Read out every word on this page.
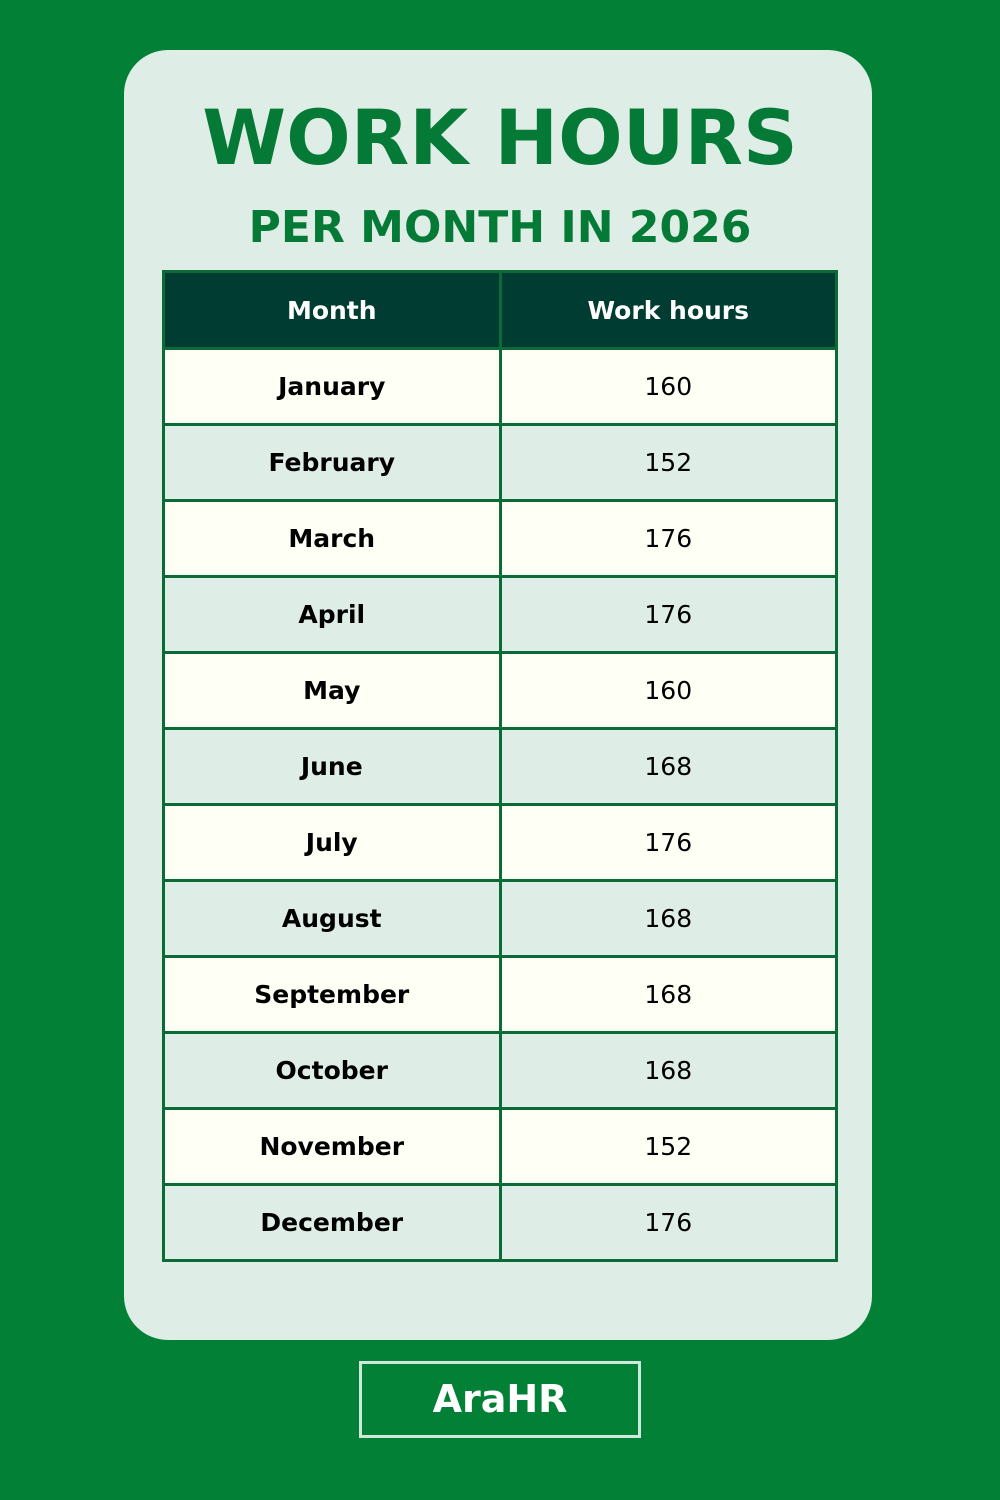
WORK HOURS
PER MONTH IN 2026
Month	Work hours
January	160
February	152
March	176
April	176
May	160
June	168
July	176
August	168
September	168
October	168
November	152
December	176
AraHR
